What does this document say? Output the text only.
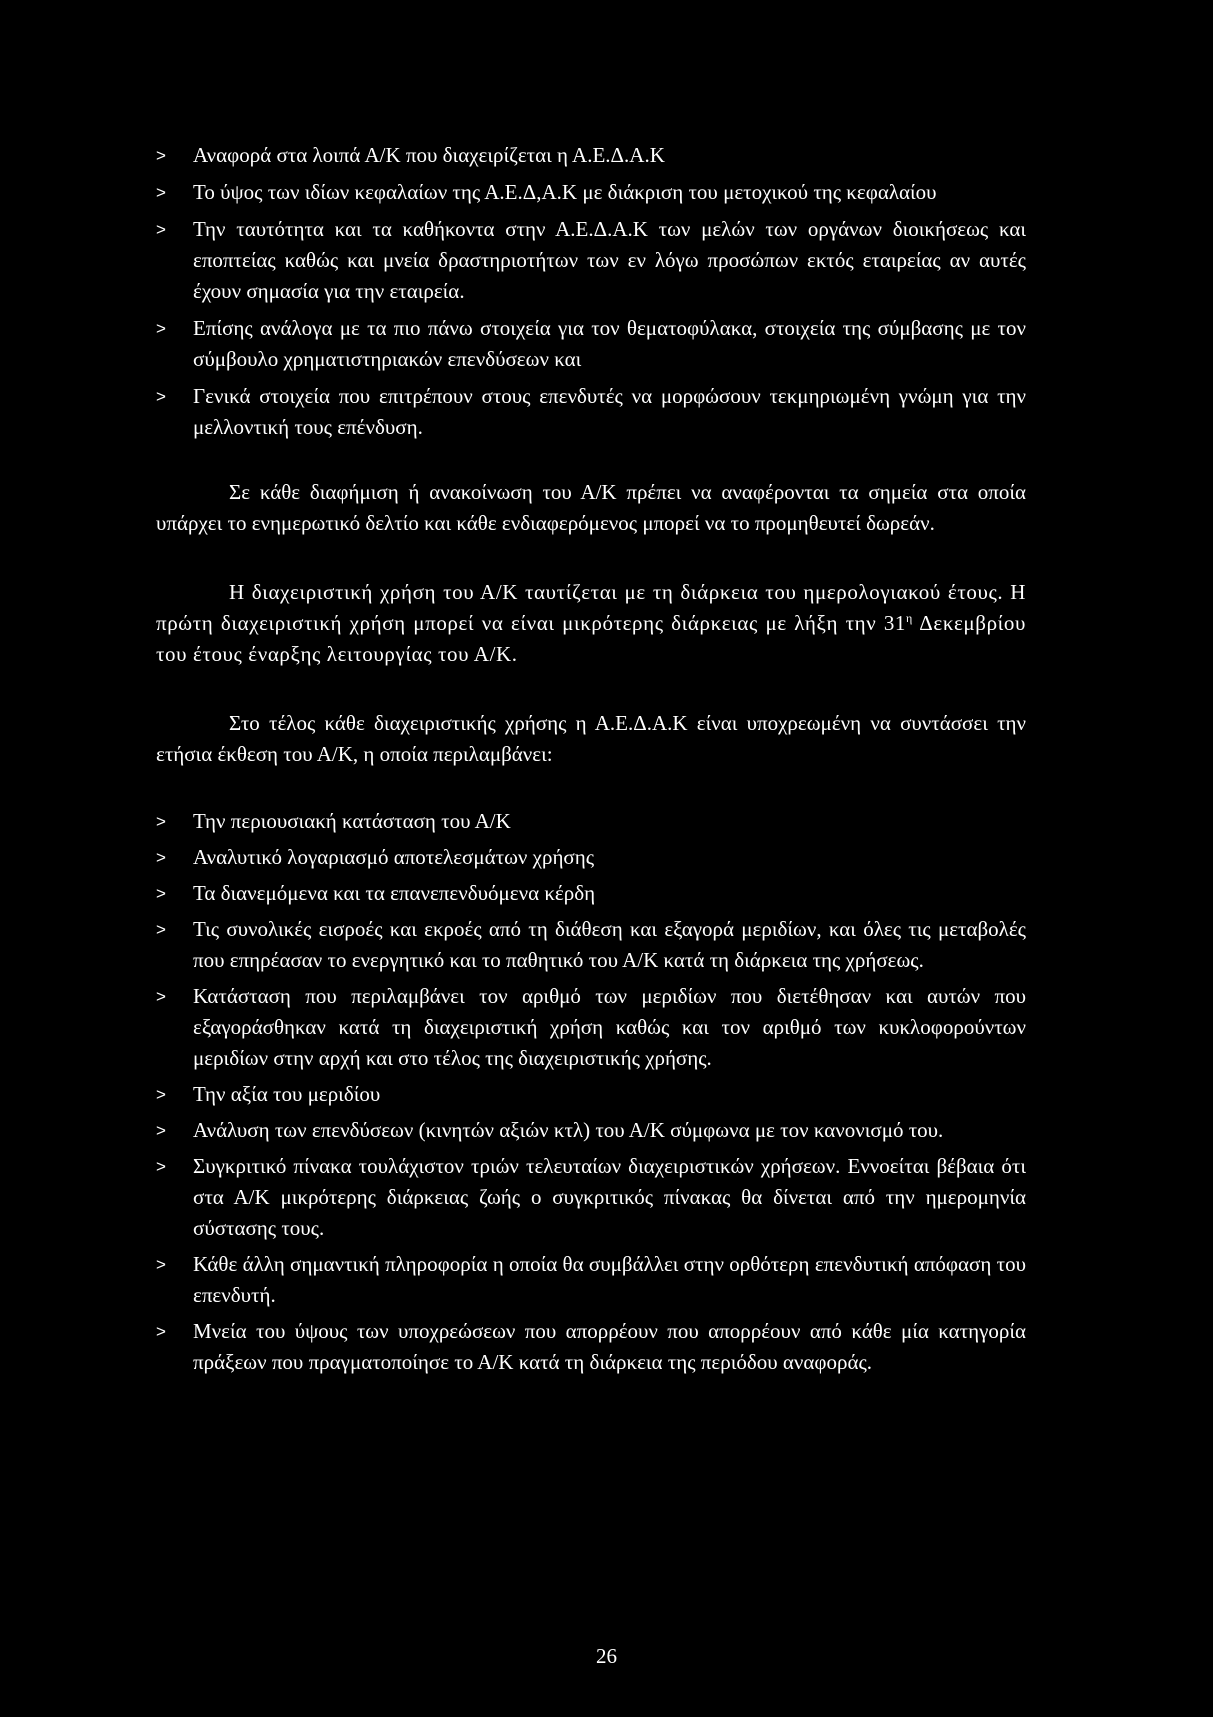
> Αναφορά στα λοιπά Α/Κ που διαχειρίζεται η Α.Ε.Δ.Α.Κ
> Το ύψος των ιδίων κεφαλαίων της Α.Ε.Δ,Α.Κ με διάκριση του μετοχικού της κεφαλαίου
> Την ταυτότητα και τα καθήκοντα στην Α.Ε.Δ.Α.Κ των μελών των οργάνων διοικήσεως και εποπτείας καθώς και μνεία δραστηριοτήτων των εν λόγω προσώπων εκτός εταιρείας αν αυτές έχουν σημασία για την εταιρεία.
> Επίσης ανάλογα με τα πιο πάνω στοιχεία για τον θεματοφύλακα, στοιχεία της σύμβασης με τον σύμβουλο χρηματιστηριακών επενδύσεων και
> Γενικά στοιχεία που επιτρέπουν στους επενδυτές να μορφώσουν τεκμηριωμένη γνώμη για την μελλοντική τους επένδυση.

Σε κάθε διαφήμιση ή ανακοίνωση του Α/Κ πρέπει να αναφέρονται τα σημεία στα οποία υπάρχει το ενημερωτικό δελτίο και κάθε ενδιαφερόμενος μπορεί να το προμηθευτεί δωρεάν.

Η διαχειριστική χρήση του Α/Κ ταυτίζεται με τη διάρκεια του ημερολογιακού έτους. Η πρώτη διαχειριστική χρήση μπορεί να είναι μικρότερης διάρκειας με λήξη την $31^\eta$ Δεκεμβρίου του έτους έναρξης λειτουργίας του Α/Κ.

Στο τέλος κάθε διαχειριστικής χρήσης η Α.Ε.Δ.Α.Κ είναι υποχρεωμένη να συντάσσει την ετήσια έκθεση του Α/Κ, η οποία περιλαμβάνει:

> Την περιουσιακή κατάσταση του Α/Κ
> Αναλυτικό λογαριασμό αποτελεσμάτων χρήσης
> Τα διανεμόμενα και τα επανεπενδυόμενα κέρδη
> Τις συνολικές εισροές και εκροές από τη διάθεση και εξαγορά μεριδίων, και όλες τις μεταβολές που επηρέασαν το ενεργητικό και το παθητικό του Α/Κ κατά τη διάρκεια της χρήσεως.
> Κατάσταση που περιλαμβάνει τον αριθμό των μεριδίων που διετέθησαν και αυτών που εξαγοράσθηκαν κατά τη διαχειριστική χρήση καθώς και τον αριθμό των κυκλοφορούντων μεριδίων στην αρχή και στο τέλος της διαχειριστικής χρήσης.
> Την αξία του μεριδίου
> Ανάλυση των επενδύσεων (κινητών αξιών κτλ) του Α/Κ σύμφωνα με τον κανονισμό του.
> Συγκριτικό πίνακα τουλάχιστον τριών τελευταίων διαχειριστικών χρήσεων. Εννοείται βέβαια ότι στα Α/Κ μικρότερης διάρκειας ζωής ο συγκριτικός πίνακας θα δίνεται από την ημερομηνία σύστασης τους.
> Κάθε άλλη σημαντική πληροφορία η οποία θα συμβάλλει στην ορθότερη επενδυτική απόφαση του επενδυτή.
> Μνεία του ύψους των υποχρεώσεων που απορρέουν που απορρέουν από κάθε μία κατηγορία πράξεων που πραγματοποίησε το Α/Κ κατά τη διάρκεια της περιόδου αναφοράς.
26
